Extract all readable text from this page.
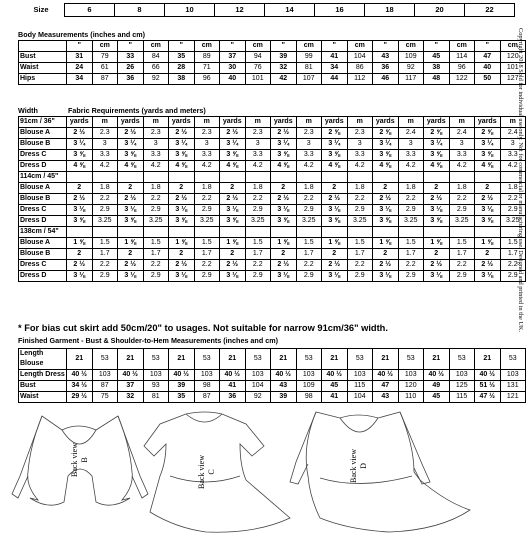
Size	6	8	10	12	14	16	18	20	22
Body Measurements (inches and cm)
	"	cm	"	cm	"	cm	"	cm	"	cm	"	cm	"	cm	"	cm	"	cm
Bust	31	79	33	84	35	89	37	94	39	99	41	104	43	109	45	114	47	120
Waist	24	61	26	66	28	71	30	76	32	81	34	86	36	92	38	96	40	101
Hips	34	87	36	92	38	96	40	101	42	107	44	112	46	117	48	122	50	127
Width	Fabric Requirements (yards and meters)
91cm / 36"	yards	m	yards	m	yards	m	yards	m	yards	m	yards	m	yards	m	yards	m	yards	m
Blouse A	2 ½	2.3	2 ½	2.3	2 ½	2.3	2 ½	2.3	2 ½	2.3	2 ⅝	2.3	2 ⅝	2.4	2 ⅝	2.4	2 ⅝	2.4
Blouse B	3 ¼	3	3 ¼	3	3 ¼	3	3 ¼	3	3 ¼	3	3 ¼	3	3 ¼	3	3 ¼	3	3 ¼	3
Dress C	3 ⅝	3.3	3 ⅝	3.3	3 ⅝	3.3	3 ⅝	3.3	3 ⅝	3.3	3 ⅝	3.3	3 ⅝	3.3	3 ⅝	3.3	3 ⅝	3.3
Dress D	4 ⅝	4.2	4 ⅝	4.2	4 ⅝	4.2	4 ⅝	4.2	4 ⅝	4.2	4 ⅝	4.2	4 ⅝	4.2	4 ⅝	4.2	4 ⅝	4.2
114cm / 45"																		
Blouse A	2	1.8	2	1.8	2	1.8	2	1.8	2	1.8	2	1.8	2	1.8	2	1.8	2	1.8
Blouse B	2 ½	2.2	2 ½	2.2	2 ½	2.2	2 ½	2.2	2 ½	2.2	2 ½	2.2	2 ½	2.2	2 ½	2.2	2 ½	2.2
Dress C	3 ⅛	2.9	3 ⅛	2.9	3 ⅛	2.9	3 ⅛	2.9	3 ⅛	2.9	3 ⅛	2.9	3 ⅛	2.9	3 ⅛	2.9	3 ⅛	2.9
Dress D	3 ⅝	3.25	3 ⅝	3.25	3 ⅝	3.25	3 ⅝	3.25	3 ⅝	3.25	3 ⅝	3.25	3 ⅝	3.25	3 ⅝	3.25	3 ⅝	3.25
138cm / 54"																		
Blouse A	1 ⅝	1.5	1 ⅝	1.5	1 ⅝	1.5	1 ⅝	1.5	1 ⅝	1.5	1 ⅝	1.5	1 ⅝	1.5	1 ⅝	1.5	1 ⅝	1.5
Blouse B	2	1.7	2	1.7	2	1.7	2	1.7	2	1.7	2	1.7	2	1.7	2	1.7	2	1.7
Dress C	2 ½	2.2	2 ½	2.2	2 ½	2.2	2 ½	2.2	2 ½	2.2	2 ½	2.2	2 ½	2.2	2 ½	2.2	2 ½	2.2
Dress D	3 ⅛	2.9	3 ⅛	2.9	3 ⅛	2.9	3 ⅛	2.9	3 ⅛	2.9	3 ⅛	2.9	3 ⅛	2.9	3 ⅛	2.9	3 ⅛	2.9
* For bias cut skirt add 50cm/20" to usages. Not suitable for narrow 91cm/36" width.
Finished Garment - Bust & Shoulder-to-Hem Measurements (inches and cm)
Length Blouse	21	53	21	53	21	53	21	53	21	53	21	53	21	53	21	53	21	53
Length Dress	40 ½	103	40 ½	103	40 ½	103	40 ½	103	40 ½	103	40 ½	103	40 ½	103	40 ½	103	40 ½	103
Bust	34 ½	87	37	93	39	98	41	104	43	109	45	115	47	120	49	125	51 ½	131
Waist	29 ½	75	32	81	35	87	36	92	39	98	41	104	43	110	45	115	47 ½	121
Copyright 2018 Sold for individual use only. Not for commercial or manufacturing use. Designed and printed in the UK.
Back view B	Back view C	Back view D
